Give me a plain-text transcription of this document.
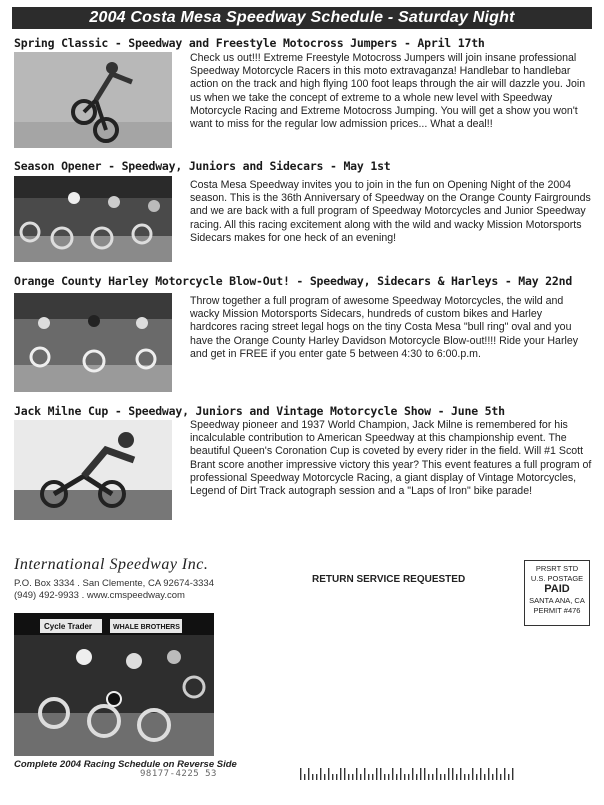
2004 Costa Mesa Speedway Schedule - Saturday Night
Spring Classic - Speedway and Freestyle Motocross Jumpers - April 17th
Check us out!!! Extreme Freestyle Motocross Jumpers will join insane professional Speedway Motorcycle Racers in this moto extravaganza! Handlebar to handlebar action on the track and high flying 100 foot leaps through the air will dazzle you. Join us when we take the concept of extreme to a whole new level with Speedway Motorcycle Racing and Extreme Motocross Jumping. You will get a show you won't want to miss for the regular low admission prices... What a deal!!
Season Opener - Speedway, Juniors and Sidecars - May 1st
Costa Mesa Speedway invites you to join in the fun on Opening Night of the 2004 season. This is the 36th Anniversary of Speedway on the Orange County Fairgrounds and we are back with a full program of Speedway Motorcycles and Junior Speedway racing. All this racing excitement along with the wild and wacky Mission Motorsports Sidecars makes for one heck of an evening!
Orange County Harley Motorcycle Blow-Out! - Speedway, Sidecars & Harleys - May 22nd
Throw together a full program of awesome Speedway Motorcycles, the wild and wacky Mission Motorsports Sidecars, hundreds of custom bikes and Harley hardcores racing street legal hogs on the tiny Costa Mesa "bull ring" oval and you have the Orange County Harley Davidson Motorcycle Blow-out!!!! Ride your Harley and get in FREE if you enter gate 5 between 4:30 to 6:00.p.m.
Jack Milne Cup - Speedway, Juniors and Vintage Motorcycle Show - June 5th
Speedway pioneer and 1937 World Champion, Jack Milne is remembered for his incalculable contribution to American Speedway at this championship event. The beautiful Queen's Coronation Cup is coveted by every rider in the field. Will #1 Scott Brant score another impressive victory this year? This event features a full program of professional Speedway Motorcycle Racing, a giant display of Vintage Motorcycles, Legend of Dirt Track autograph session and a "Laps of Iron" bike parade!
International Speedway Inc.
P.O. Box 3334 . San Clemente, CA 92674-3334
(949) 492-9933 . www.cmspeedway.com
RETURN SERVICE REQUESTED
PRSRT STD
U.S. POSTAGE
PAID
SANTA ANA, CA
PERMIT #476
Cycle Trader	WHALE BROTHERS
Complete 2004 Racing Schedule on Reverse Side
98177-4225 53
